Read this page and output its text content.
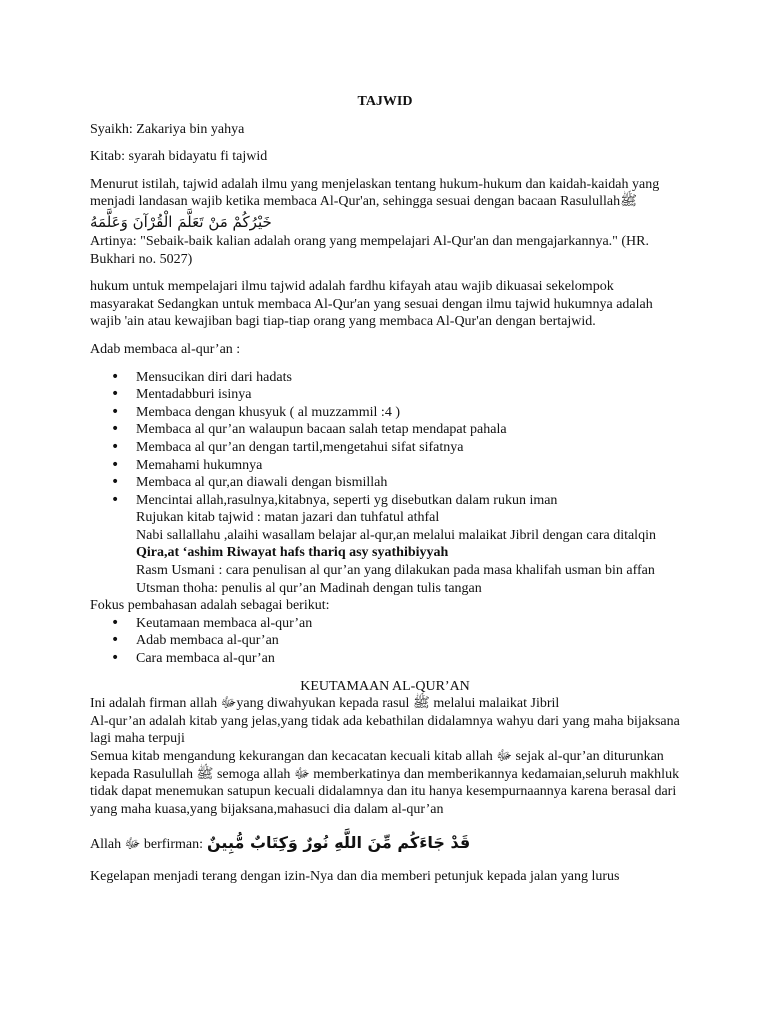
TAJWID

Syaikh: Zakariya bin yahya

Kitab: syarah bidayatu fi tajwid

Menurut istilah, tajwid adalah ilmu yang menjelaskan tentang hukum-hukum dan kaidah-kaidah yang menjadi landasan wajib ketika membaca Al-Qur'an, sehingga sesuai dengan bacaan Rasulullahﷺ

خَيْرُكُمْ مَنْ تَعَلَّمَ الْقُرْآنَ وَعَلَّمَهُ

Artinya: "Sebaik-baik kalian adalah orang yang mempelajari Al-Qur'an dan mengajarkannya." (HR. Bukhari no. 5027)

hukum untuk mempelajari ilmu tajwid adalah fardhu kifayah atau wajib dikuasai sekelompok masyarakat Sedangkan untuk membaca Al-Qur'an yang sesuai dengan ilmu tajwid hukumnya adalah wajib 'ain atau kewajiban bagi tiap-tiap orang yang membaca Al-Qur'an dengan bertajwid.

Adab membaca al-qur’an :

• Mensucikan diri dari hadats
• Mentadabburi isinya
• Membaca dengan khusyuk ( al muzzammil :4 )
• Membaca al qur’an walaupun bacaan salah tetap mendapat pahala
• Membaca al qur’an dengan tartil,mengetahui sifat sifatnya
• Memahami hukumnya
• Membaca al qur,an diawali dengan bismillah
• Mencintai allah,rasulnya,kitabnya, seperti yg disebutkan dalam rukun iman

Rujukan kitab tajwid : matan jazari dan tuhfatul athfal

Nabi sallallahu ,alaihi wasallam belajar al-qur,an melalui malaikat Jibril dengan cara ditalqin

Qira,at ‘ashim Riwayat hafs thariq asy syathibiyyah

Rasm Usmani : cara penulisan al qur’an yang dilakukan pada masa khalifah usman bin affan

Utsman thoha: penulis al qur’an Madinah dengan tulis tangan

Fokus pembahasan adalah sebagai berikut:

• Keutamaan membaca al-qur’an
• Adab membaca al-qur’an
• Cara membaca al-qur’an

KEUTAMAAN AL-QUR’AN

Ini adalah firman allah ﷻyang diwahyukan kepada rasul ﷺ melalui malaikat Jibril

Al-qur’an adalah kitab yang jelas,yang tidak ada kebathilan didalamnya wahyu dari yang maha bijaksana lagi maha terpuji

Semua kitab mengandung kekurangan dan kecacatan kecuali kitab allah ﷻ sejak al-qur’an diturunkan kepada Rasulullah ﷺ semoga allah ﷻ memberkatinya dan memberikannya kedamaian,seluruh makhluk tidak dapat menemukan satupun kecuali didalamnya dan itu hanya kesempurnaannya karena berasal dari yang maha kuasa,yang bijaksana,mahasuci dia dalam al-qur’an

Allah ﷻ berfirman: قَدْ جَاءَكُم مِّنَ اللَّهِ نُورٌ وَكِتَابٌ مُّبِينٌ

Kegelapan menjadi terang dengan izin-Nya dan dia memberi petunjuk kepada jalan yang lurus
